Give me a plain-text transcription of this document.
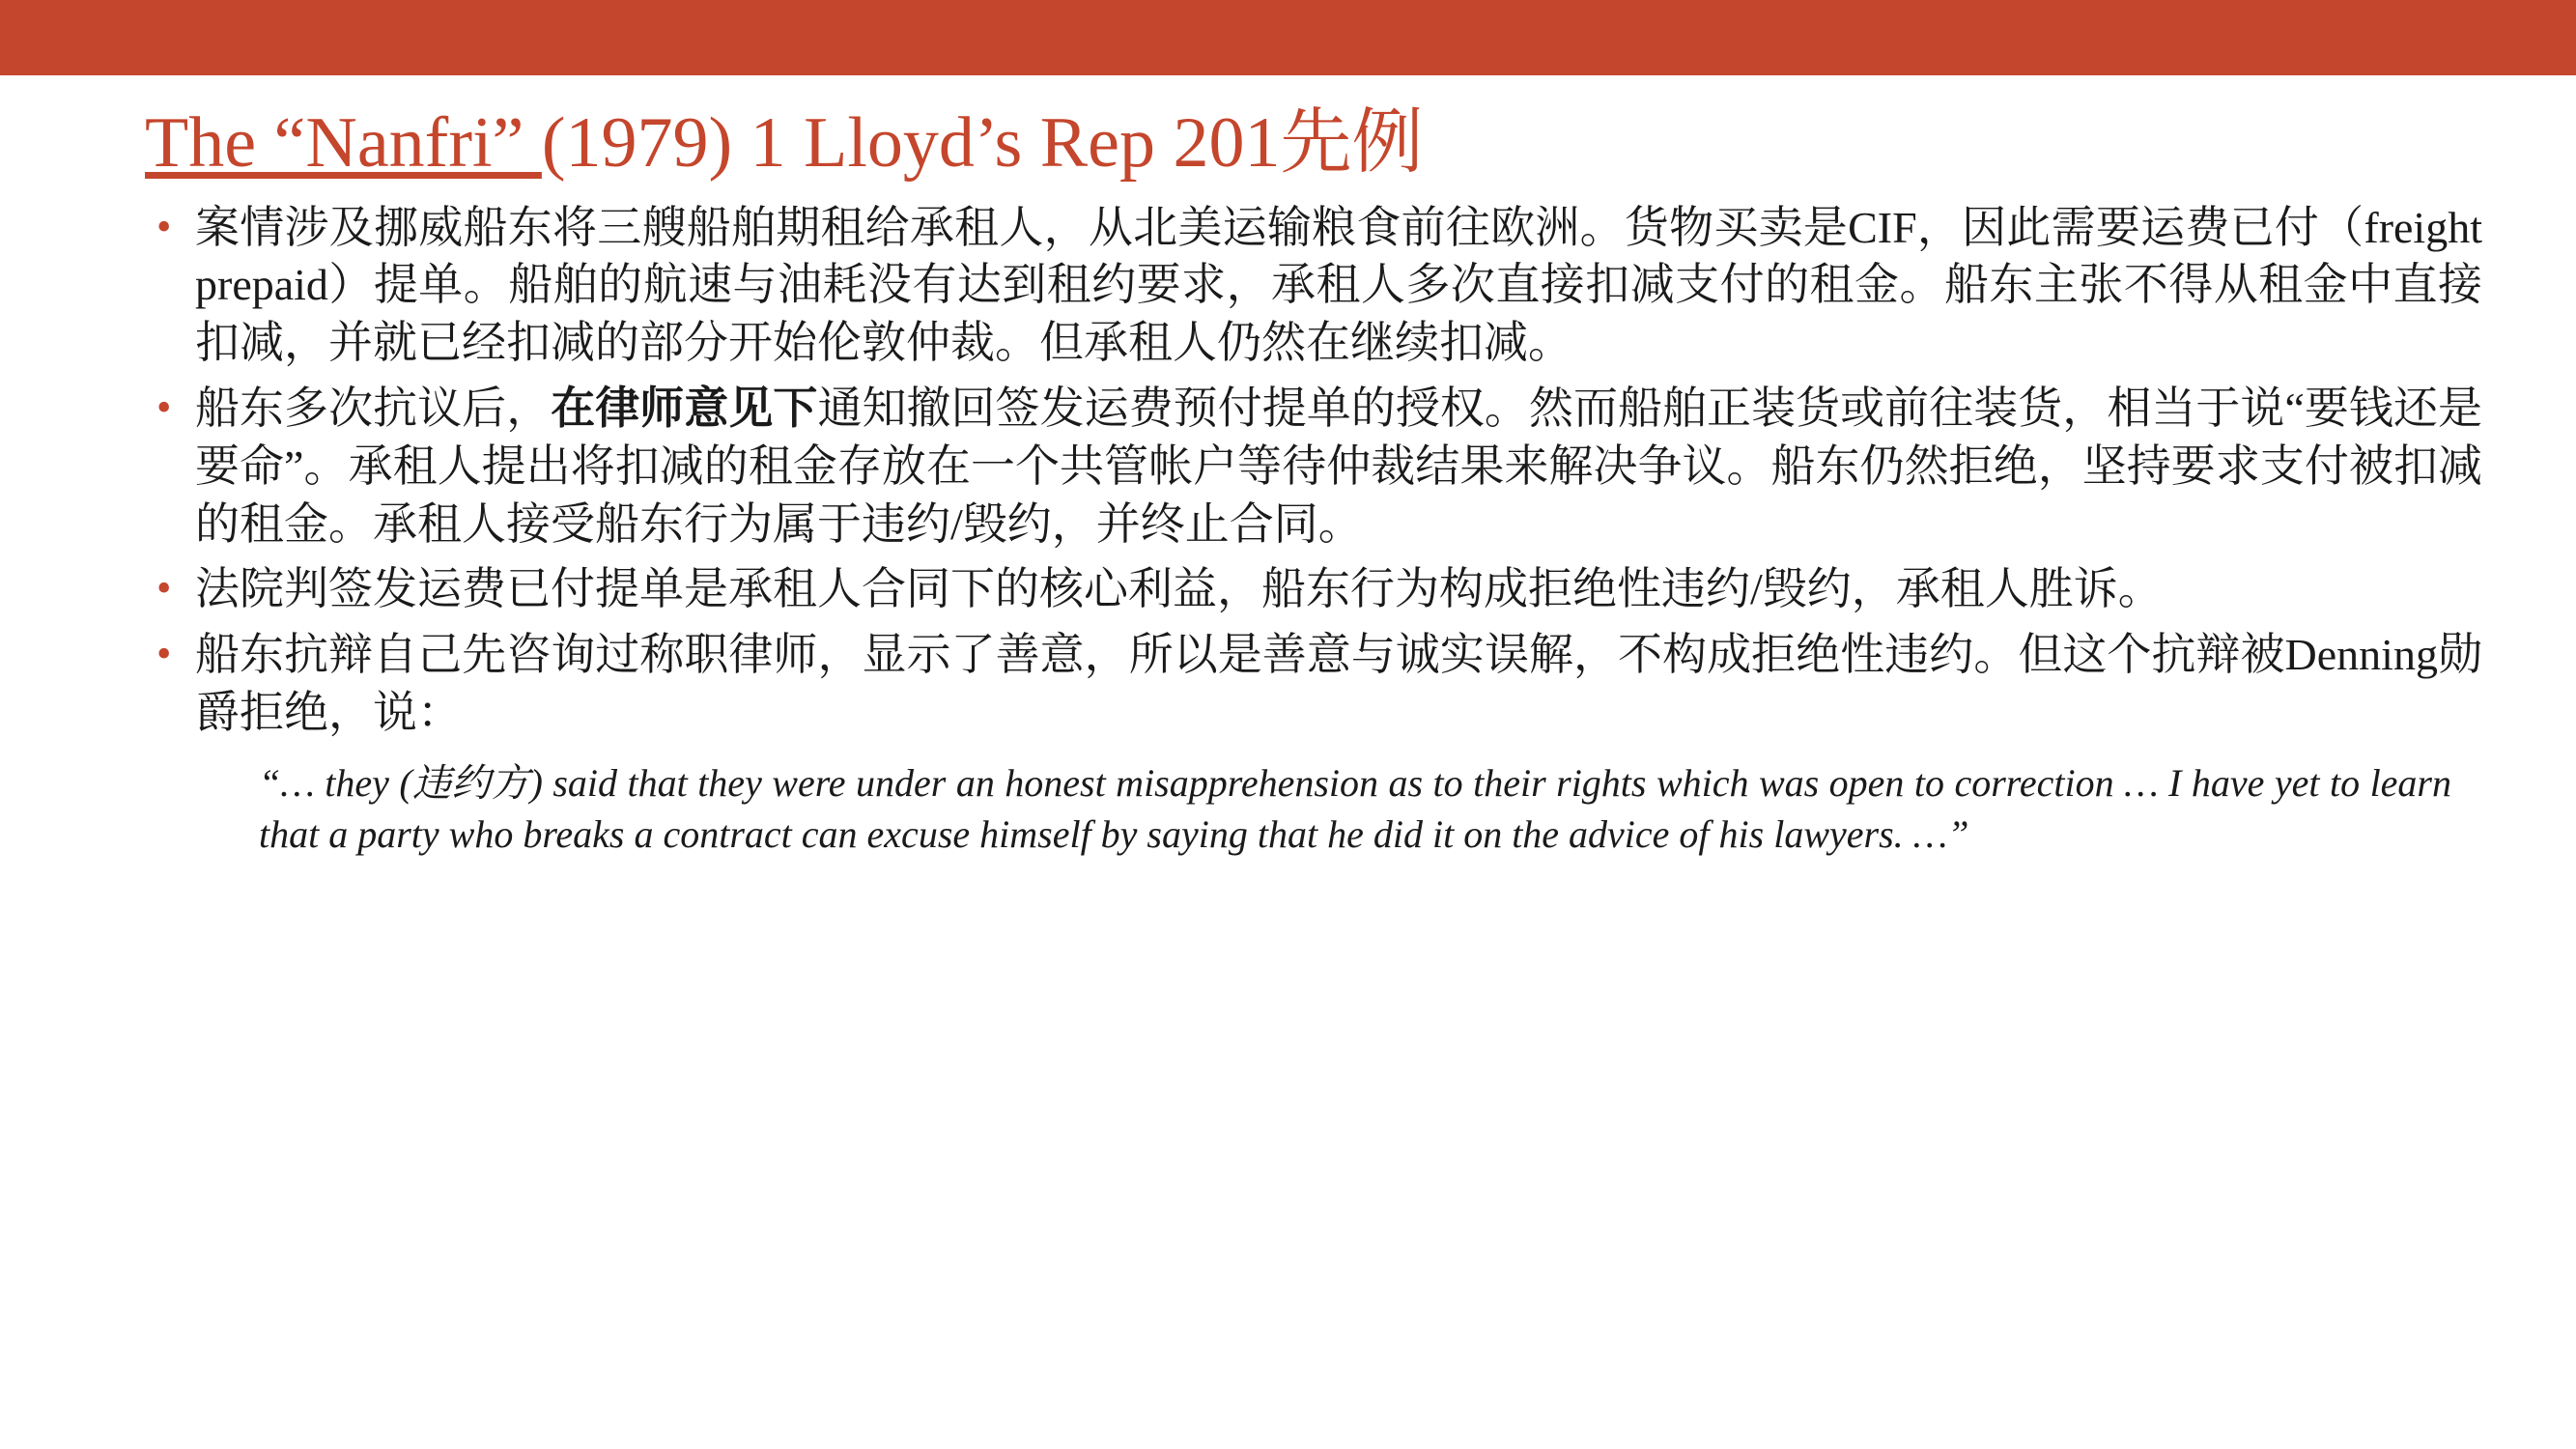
The “Nanfri” (1979) 1 Lloyd’s Rep 201先例
• 案情涉及挪威船东将三艘船舶期租给承租人，从北美运输粮食前往欧洲。货物买卖是CIF，因此需要运费已付（freight prepaid）提单。船舶的航速与油耗没有达到租约要求，承租人多次直接扣减支付的租金。船东主张不得从租金中直接扣减，并就已经扣减的部分开始伦敦仲裁。但承租人仍然在继续扣减。
• 船东多次抗议后，在律师意见下通知撤回签发运费预付提单的授权。然而船舶正装货或前往装货，相当于说“要钱还是要命”。承租人提出将扣减的租金存放在一个共管帐户等待仲裁结果来解决争议。船东仍然拒绝，坚持要求支付被扣减的租金。承租人接受船东行为属于违约/毁约，并终止合同。
• 法院判签发运费已付提单是承租人合同下的核心利益，船东行为构成拒绝性违约/毁约，承租人胜诉。
• 船东抗辩自己先咨询过称职律师，显示了善意，所以是善意与诚实误解，不构成拒绝性违约。但这个抗辩被Denning勋爵拒绝，说：
“… they (违约方) said that they were under an honest misapprehension as to their rights which was open to correction … I have yet to learn that a party who breaks a contract can excuse himself by saying that he did it on the advice of his lawyers. …”
